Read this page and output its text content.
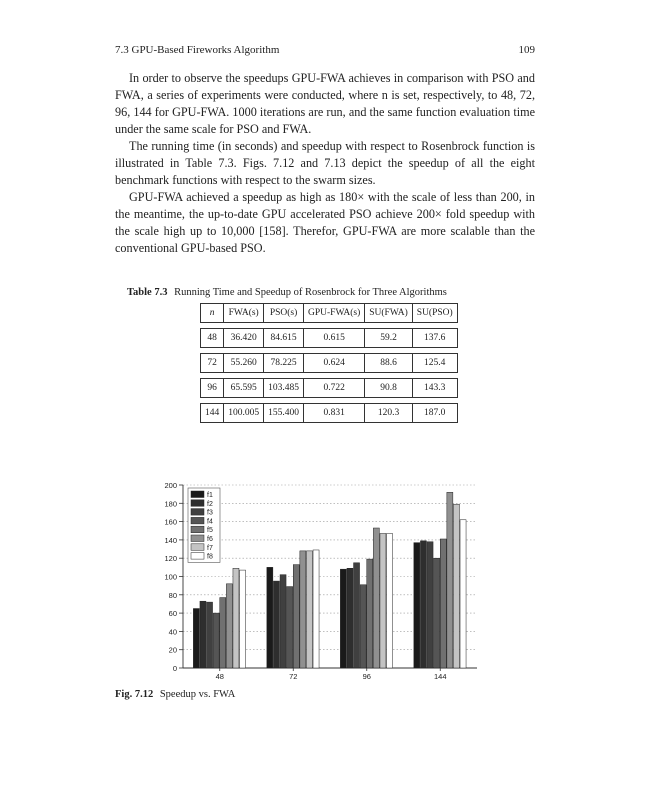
7.3 GPU-Based Fireworks Algorithm	109

In order to observe the speedups GPU-FWA achieves in comparison with PSO and FWA, a series of experiments were conducted, where n is set, respectively, to 48, 72, 96, 144 for GPU-FWA. 1000 iterations are run, and the same function evaluation time under the same scale for PSO and FWA.

The running time (in seconds) and speedup with respect to Rosenbrock function is illustrated in Table 7.3. Figs. 7.12 and 7.13 depict the speedup of all the eight benchmark functions with respect to the swarm sizes.

GPU-FWA achieved a speedup as high as 180× with the scale of less than 200, in the meantime, the up-to-date GPU accelerated PSO achieve 200× fold speedup with the scale high up to 10,000 [158]. Therefor, GPU-FWA are more scalable than the conventional GPU-based PSO.

Table 7.3 Running Time and Speedup of Rosenbrock for Three Algorithms
n	FWA(s)	PSO(s)	GPU-FWA(s)	SU(FWA)	SU(PSO)

48	36.420	84.615	0.615	59.2	137.6

72	55.260	78.225	0.624	88.6	125.4

96	65.595	103.485	0.722	90.8	143.3

144	100.005	155.400	0.831	120.3	187.0
0
20
40
60
80
100
120
140
160
180
200
48	72	96	144
f1
f2
f3
f4
f5
f6
f7
f8
Fig. 7.12 Speedup vs. FWA
